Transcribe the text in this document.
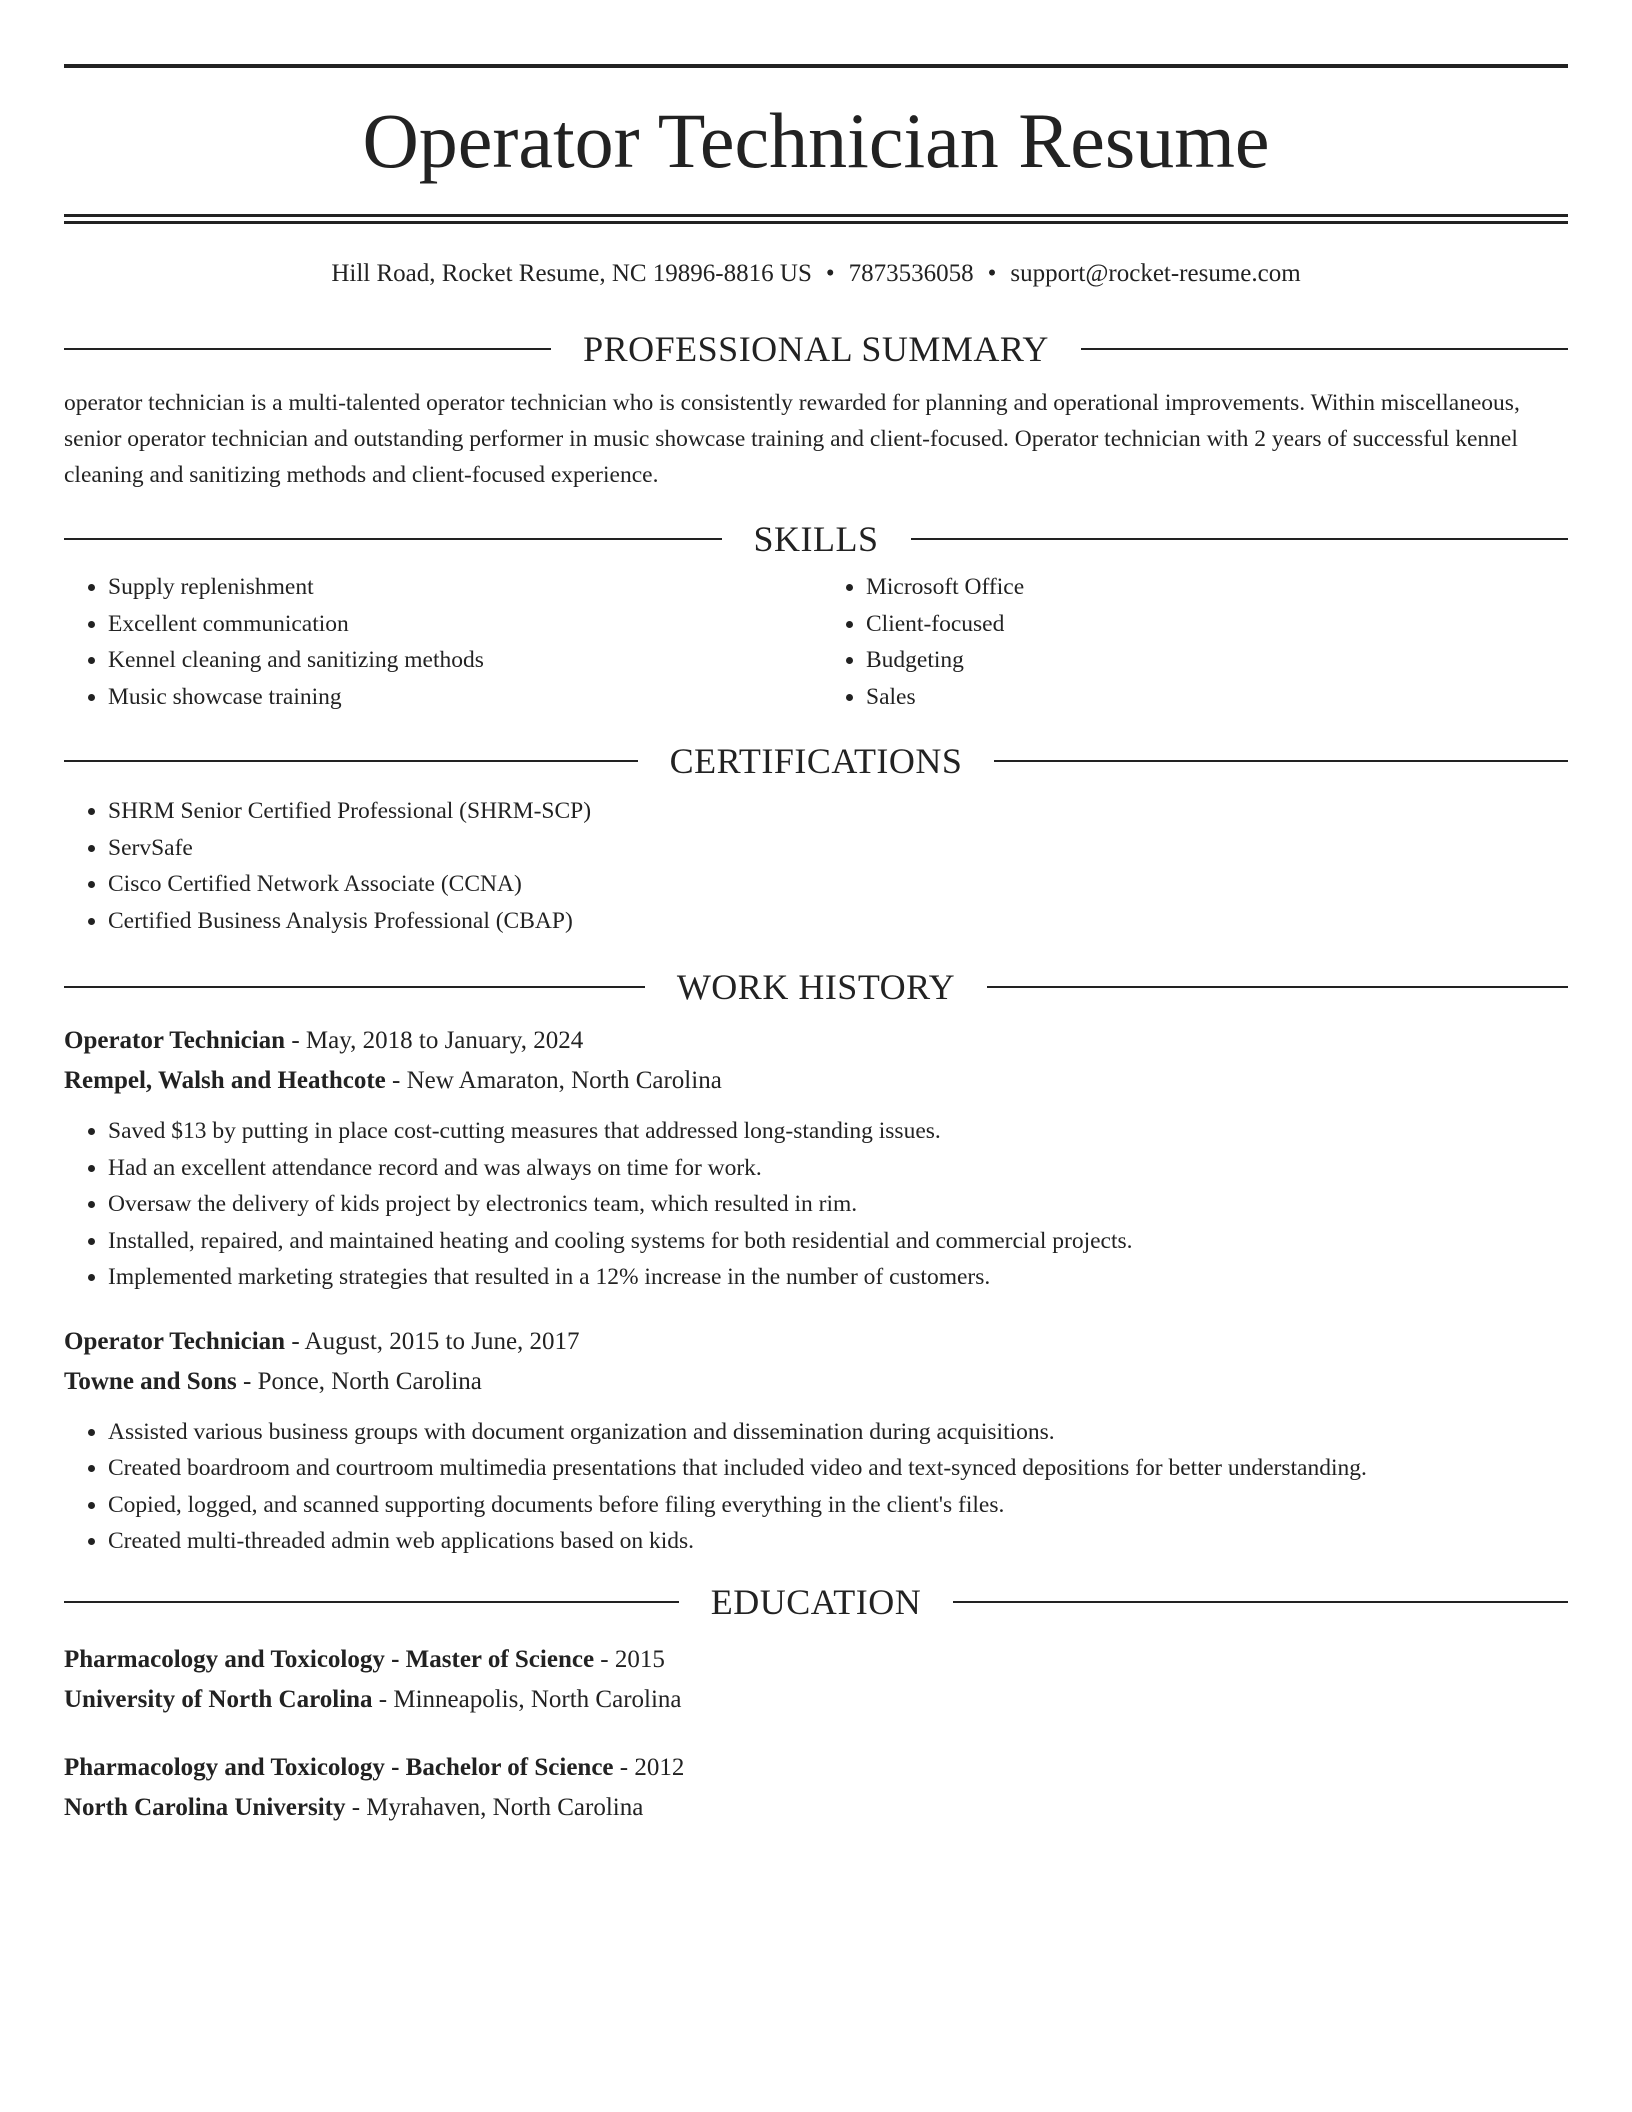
Operator Technician Resume
Hill Road, Rocket Resume, NC 19896-8816 US • 7873536058 • support@rocket-resume.com
PROFESSIONAL SUMMARY
operator technician is a multi-talented operator technician who is consistently rewarded for planning and operational improvements. Within miscellaneous, senior operator technician and outstanding performer in music showcase training and client-focused. Operator technician with 2 years of successful kennel cleaning and sanitizing methods and client-focused experience.
SKILLS
• Supply replenishment
• Excellent communication
• Kennel cleaning and sanitizing methods
• Music showcase training
• Microsoft Office
• Client-focused
• Budgeting
• Sales
CERTIFICATIONS
• SHRM Senior Certified Professional (SHRM-SCP)
• ServSafe
• Cisco Certified Network Associate (CCNA)
• Certified Business Analysis Professional (CBAP)
WORK HISTORY
Operator Technician - May, 2018 to January, 2024
Rempel, Walsh and Heathcote - New Amaraton, North Carolina
• Saved $13 by putting in place cost-cutting measures that addressed long-standing issues.
• Had an excellent attendance record and was always on time for work.
• Oversaw the delivery of kids project by electronics team, which resulted in rim.
• Installed, repaired, and maintained heating and cooling systems for both residential and commercial projects.
• Implemented marketing strategies that resulted in a 12% increase in the number of customers.
Operator Technician - August, 2015 to June, 2017
Towne and Sons - Ponce, North Carolina
• Assisted various business groups with document organization and dissemination during acquisitions.
• Created boardroom and courtroom multimedia presentations that included video and text-synced depositions for better understanding.
• Copied, logged, and scanned supporting documents before filing everything in the client's files.
• Created multi-threaded admin web applications based on kids.
EDUCATION
Pharmacology and Toxicology - Master of Science - 2015
University of North Carolina - Minneapolis, North Carolina
Pharmacology and Toxicology - Bachelor of Science - 2012
North Carolina University - Myrahaven, North Carolina
